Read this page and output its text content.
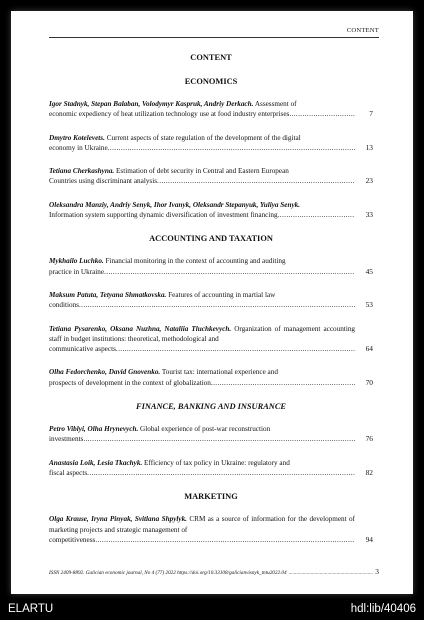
CONTENT
CONTENT
ECONOMICS
Igor Stadnyk, Stepan Balaban, Volodymyr Kaspruk, Andriy Derkach. Assessment of
economic expediency of heat utilization technology use at food industry enterprises .....	7
Dmytro Kotelevets. Current aspects of state regulation of the development of the digital
economy in Ukraine .....	13
Tetiana Cherkashyna. Estimation of debt security in Central and Eastern European
Countries using discriminant analysis .....	23
Oleksandra Manziy, Andriy Senyk, Ihor Ivanyk, Oleksandr Stepanyuk, Yuliya Senyk.
Information system supporting dynamic diversification of investment financing .....	33
ACCOUNTING AND TAXATION
Mykhailo Luchko. Financial monitoring in the context of accounting and auditing
practice in Ukraine .....	45
Maksum Patuta, Tetyana Shmatkovska. Features of accounting in martial law
conditions .....	53
Tetiana Pysarenko, Oksana Nuzhna, Nataliia Tluchkevych. Organization of management accounting staff in budget institutions: theoretical, methodological and
communicative aspects .....	64
Olha Fedorchenko, David Gnovenko. Tourist tax: international experience and
prospects of development in the context of globalization .....	70
FINANCE, BANKING AND INSURANCE
Petro Viblyi, Olha Hrynevych. Global experience of post-war reconstruction
investments .....	76
Anastasia Loik, Lesia Tkachyk. Efficiency of tax policy in Ukraine: regulatory and
fiscal aspects .....	82
MARKETING
Olga Krause, Iryna Pinyak, Svitlana Shpylyk. CRM as a source of information for the development of marketing projects and strategic management of
competitiveness .....	94
ISSN 2409-8892. Galician economic journal, No 4 (77) 2022 https://doi.org/10.33108/galicianvisnyk_tntu2022.04 .....	3
ELARTU	hdl:lib/40406
